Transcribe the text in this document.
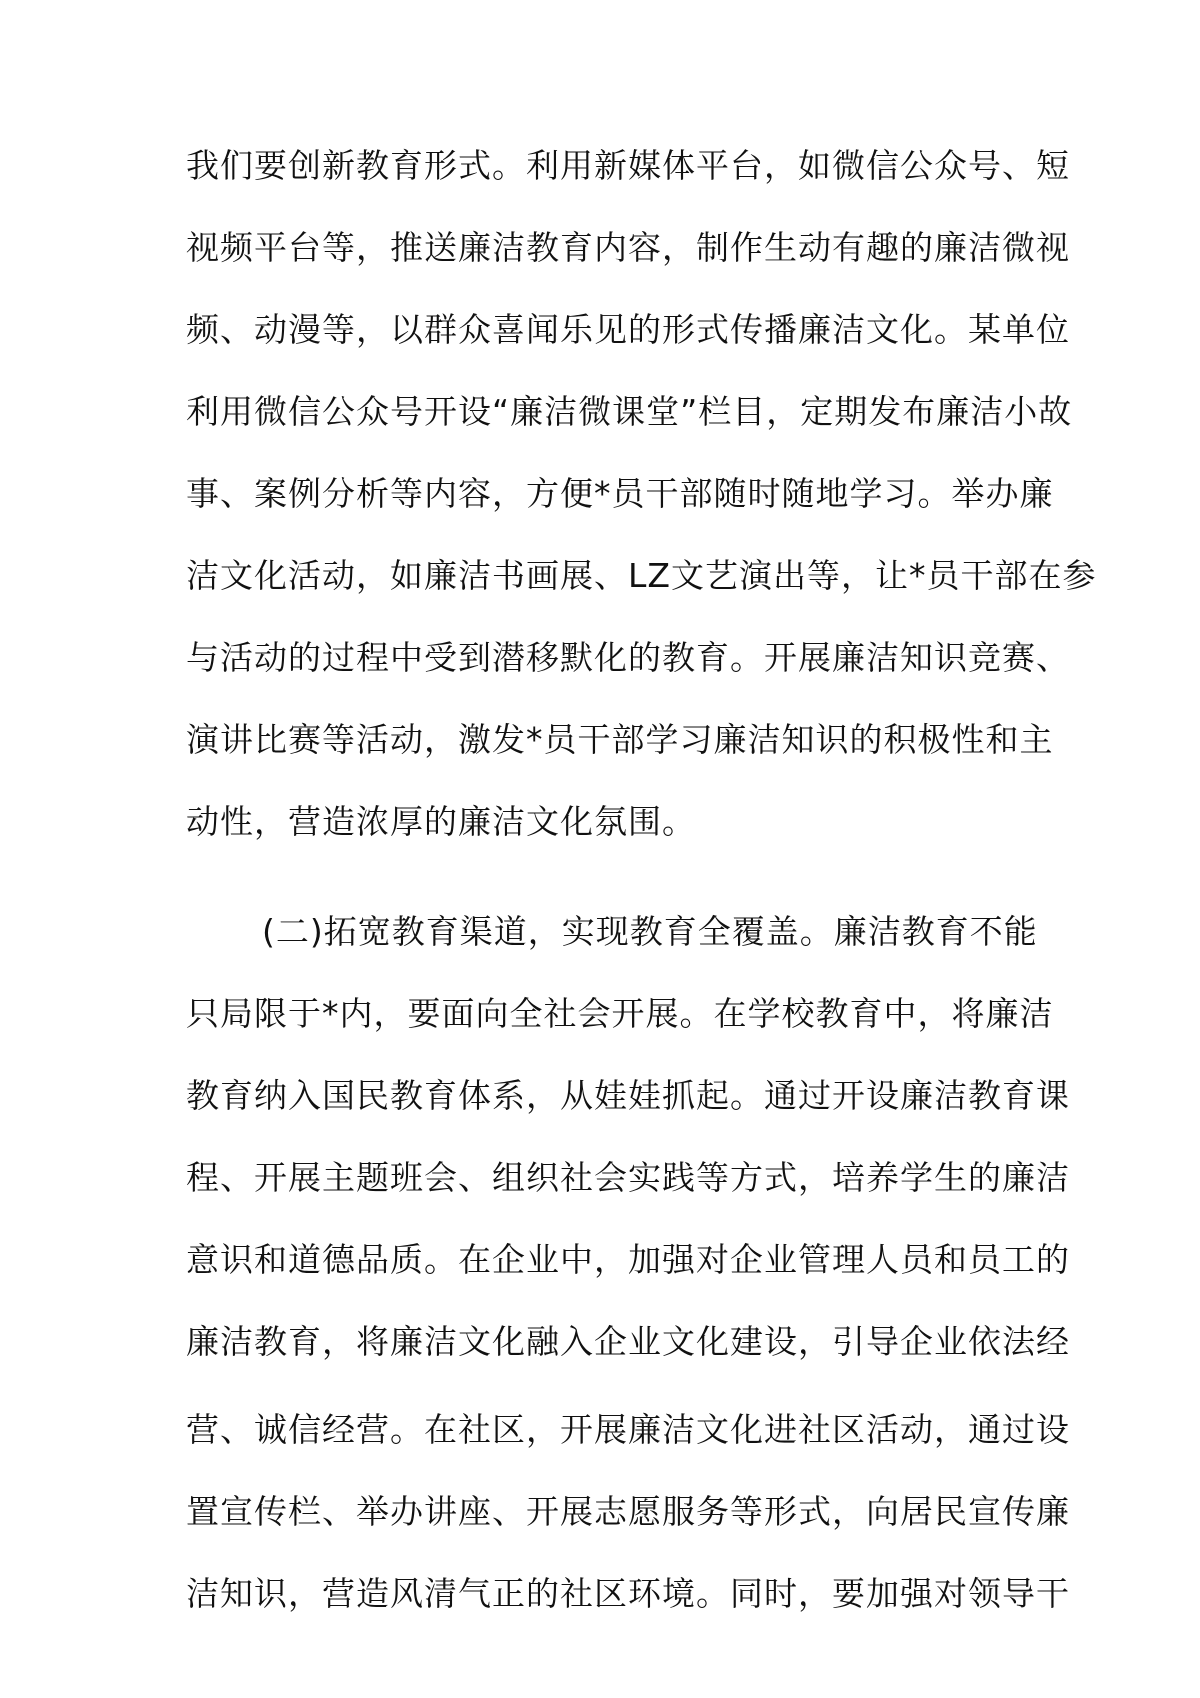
我们要创新教育形式。利用新媒体平台，如微信公众号、短
视频平台等，推送廉洁教育内容，制作生动有趣的廉洁微视
频、动漫等，以群众喜闻乐见的形式传播廉洁文化。某单位
利用微信公众号开设“廉洁微课堂”栏目，定期发布廉洁小故
事、案例分析等内容，方便*员干部随时随地学习。举办廉
洁文化活动，如廉洁书画展、LZ文艺演出等，让*员干部在参
与活动的过程中受到潜移默化的教育。开展廉洁知识竞赛、
演讲比赛等活动，激发*员干部学习廉洁知识的积极性和主
动性，营造浓厚的廉洁文化氛围。
(二)拓宽教育渠道，实现教育全覆盖。廉洁教育不能
只局限于*内，要面向全社会开展。在学校教育中，将廉洁
教育纳入国民教育体系，从娃娃抓起。通过开设廉洁教育课
程、开展主题班会、组织社会实践等方式，培养学生的廉洁
意识和道德品质。在企业中，加强对企业管理人员和员工的
廉洁教育，将廉洁文化融入企业文化建设，引导企业依法经
营、诚信经营。在社区，开展廉洁文化进社区活动，通过设
置宣传栏、举办讲座、开展志愿服务等形式，向居民宣传廉
洁知识，营造风清气正的社区环境。同时，要加强对领导干
